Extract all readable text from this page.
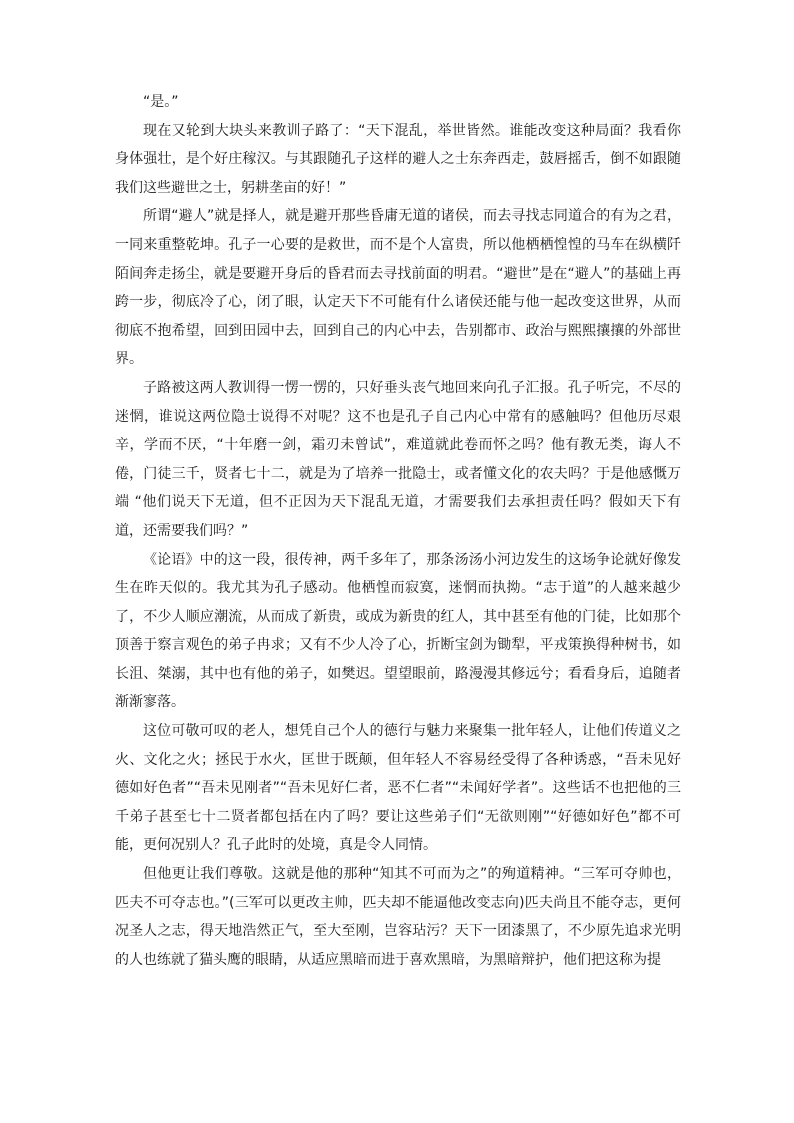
“是。”

现在又轮到大块头来教训子路了：“天下混乱，举世皆然。谁能改变这种局面？我看你身体强壮，是个好庄稼汉。与其跟随孔子这样的避人之士东奔西走，鼓唇摇舌，倒不如跟随我们这些避世之士，躬耕垄亩的好！”

所谓“避人”就是择人，就是避开那些昏庸无道的诸侯，而去寻找志同道合的有为之君，一同来重整乾坤。孔子一心要的是救世，而不是个人富贵，所以他栖栖惶惶的马车在纵横阡陌间奔走扬尘，就是要避开身后的昏君而去寻找前面的明君。“避世”是在“避人”的基础上再跨一步，彻底冷了心，闭了眼，认定天下不可能有什么诸侯还能与他一起改变这世界，从而彻底不抱希望，回到田园中去，回到自己的内心中去，告别都市、政治与熙熙攘攘的外部世界。

子路被这两人教训得一愣一愣的，只好垂头丧气地回来向孔子汇报。孔子听完，不尽的迷惘，谁说这两位隐士说得不对呢？这不也是孔子自己内心中常有的感触吗？但他历尽艰辛，学而不厌，“十年磨一剑，霜刃未曾试”，难道就此卷而怀之吗？他有教无类，诲人不倦，门徒三千，贤者七十二，就是为了培养一批隐士，或者懂文化的农夫吗？于是他感慨万端 “他们说天下无道，但不正因为天下混乱无道，才需要我们去承担责任吗？假如天下有道，还需要我们吗？”

《论语》中的这一段，很传神，两千多年了，那条汤汤小河边发生的这场争论就好像发生在昨天似的。我尤其为孔子感动。他栖惶而寂寞，迷惘而执拗。“志于道”的人越来越少了，不少人顺应潮流，从而成了新贵，或成为新贵的红人，其中甚至有他的门徒，比如那个顶善于察言观色的弟子冉求；又有不少人冷了心，折断宝剑为锄犁，平戎策换得种树书，如长沮、桀溺，其中也有他的弟子，如樊迟。望望眼前，路漫漫其修远兮；看看身后，追随者渐渐寥落。

这位可敬可叹的老人，想凭自己个人的德行与魅力来聚集一批年轻人，让他们传道义之火、文化之火；拯民于水火，匡世于既颠，但年轻人不容易经受得了各种诱惑，“吾未见好德如好色者”“吾未见刚者”“吾未见好仁者，恶不仁者”“未闻好学者”。这些话不也把他的三千弟子甚至七十二贤者都包括在内了吗？要让这些弟子们“无欲则刚”“好德如好色”都不可能，更何况别人？孔子此时的处境，真是令人同情。

但他更让我们尊敬。这就是他的那种“知其不可而为之”的殉道精神。“三军可夺帅也，匹夫不可夺志也。”(三军可以更改主帅，匹夫却不能逼他改变志向)匹夫尚且不能夺志，更何况圣人之志，得天地浩然正气，至大至刚，岂容玷污？天下一团漆黑了，不少原先追求光明的人也练就了猫头鹰的眼睛，从适应黑暗而进于喜欢黑暗，为黑暗辩护，他们把这称为提
